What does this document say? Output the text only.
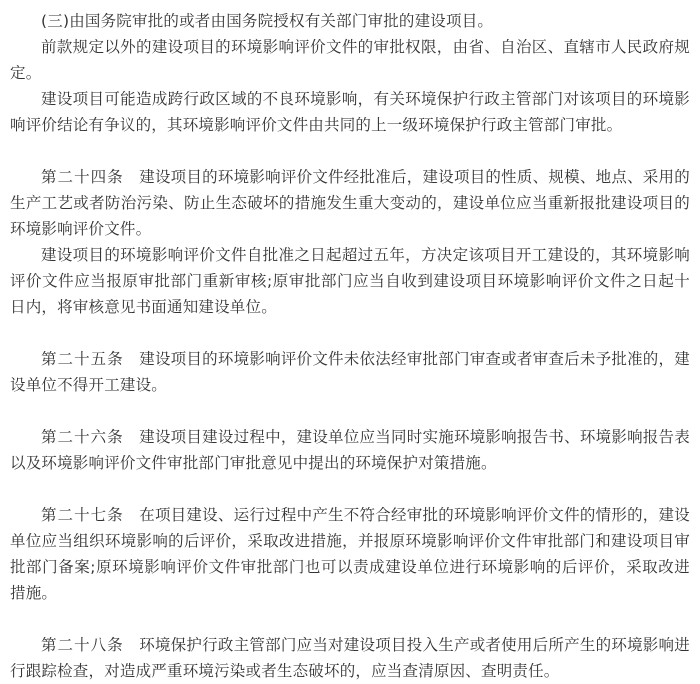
(三)由国务院审批的或者由国务院授权有关部门审批的建设项目。

前款规定以外的建设项目的环境影响评价文件的审批权限，由省、自治区、直辖市人民政府规定。

建设项目可能造成跨行政区域的不良环境影响，有关环境保护行政主管部门对该项目的环境影响评价结论有争议的，其环境影响评价文件由共同的上一级环境保护行政主管部门审批。

第二十四条 建设项目的环境影响评价文件经批准后，建设项目的性质、规模、地点、采用的生产工艺或者防治污染、防止生态破坏的措施发生重大变动的，建设单位应当重新报批建设项目的环境影响评价文件。

建设项目的环境影响评价文件自批准之日起超过五年，方决定该项目开工建设的，其环境影响评价文件应当报原审批部门重新审核;原审批部门应当自收到建设项目环境影响评价文件之日起十日内，将审核意见书面通知建设单位。

第二十五条 建设项目的环境影响评价文件未依法经审批部门审查或者审查后未予批准的，建设单位不得开工建设。

第二十六条 建设项目建设过程中，建设单位应当同时实施环境影响报告书、环境影响报告表以及环境影响评价文件审批部门审批意见中提出的环境保护对策措施。

第二十七条 在项目建设、运行过程中产生不符合经审批的环境影响评价文件的情形的，建设单位应当组织环境影响的后评价，采取改进措施，并报原环境影响评价文件审批部门和建设项目审批部门备案;原环境影响评价文件审批部门也可以责成建设单位进行环境影响的后评价，采取改进措施。

第二十八条 环境保护行政主管部门应当对建设项目投入生产或者使用后所产生的环境影响进行跟踪检查，对造成严重环境污染或者生态破坏的，应当查清原因、查明责任。
